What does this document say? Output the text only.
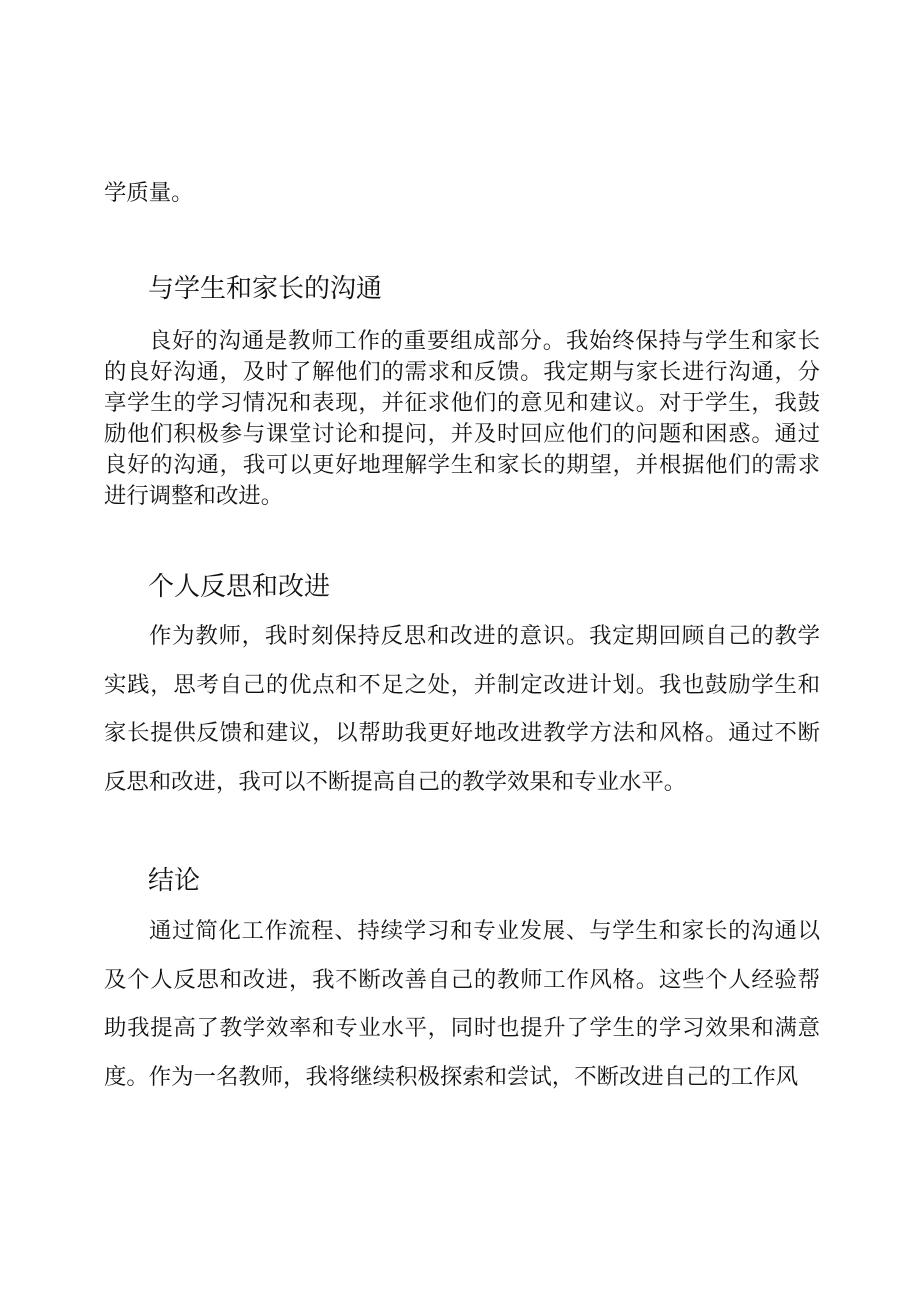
学质量。

与学生和家长的沟通

良好的沟通是教师工作的重要组成部分。我始终保持与学生和家长的良好沟通，及时了解他们的需求和反馈。我定期与家长进行沟通，分享学生的学习情况和表现，并征求他们的意见和建议。对于学生，我鼓励他们积极参与课堂讨论和提问，并及时回应他们的问题和困惑。通过良好的沟通，我可以更好地理解学生和家长的期望，并根据他们的需求进行调整和改进。

个人反思和改进

作为教师，我时刻保持反思和改进的意识。我定期回顾自己的教学实践，思考自己的优点和不足之处，并制定改进计划。我也鼓励学生和家长提供反馈和建议，以帮助我更好地改进教学方法和风格。通过不断反思和改进，我可以不断提高自己的教学效果和专业水平。

结论

通过简化工作流程、持续学习和专业发展、与学生和家长的沟通以及个人反思和改进，我不断改善自己的教师工作风格。这些个人经验帮助我提高了教学效率和专业水平，同时也提升了学生的学习效果和满意度。作为一名教师，我将继续积极探索和尝试，不断改进自己的工作风
